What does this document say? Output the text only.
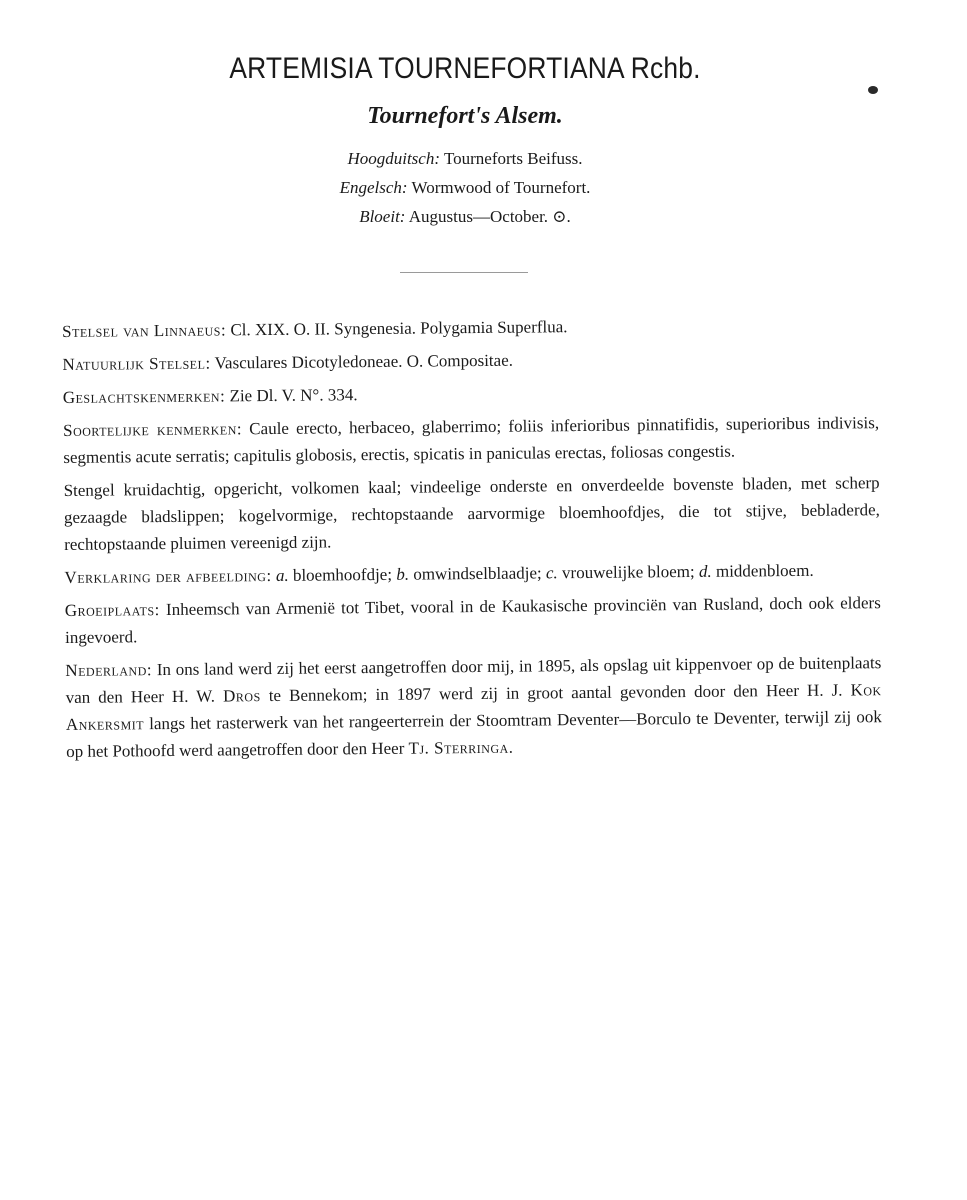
ARTEMISIA TOURNEFORTIANA Rchb.
Tournefort's Alsem.
Hoogduitsch: Tourneforts Beifuss.
Engelsch: Wormwood of Tournefort.
Bloeit: Augustus—October. ⊙.

Stelsel van Linnaeus: Cl. XIX. O. II. Syngenesia. Polygamia Superflua.

Natuurlijk Stelsel: Vasculares Dicotyledoneae. O. Compositae.

Geslachtskenmerken: Zie Dl. V. N°. 334.

Soortelijke kenmerken: Caule erecto, herbaceo, glaberrimo; foliis inferioribus pinnatifidis, superioribus indivisis, segmentis acute serratis; capitulis globosis, erectis, spicatis in paniculas erectas, foliosas congestis.

Stengel kruidachtig, opgericht, volkomen kaal; vindeelige onderste en onverdeelde bovenste bladen, met scherp gezaagde bladslippen; kogelvormige, rechtopstaande aarvormige bloemhoofdjes, die tot stijve, bebladerde, rechtopstaande pluimen vereenigd zijn.

Verklaring der afbeelding: a. bloemhoofdje; b. omwindselblaadje; c. vrouwelijke bloem; d. middenbloem.

Groeiplaats: Inheemsch van Armenië tot Tibet, vooral in de Kaukasische provinciën van Rusland, doch ook elders ingevoerd.

Nederland: In ons land werd zij het eerst aangetroffen door mij, in 1895, als opslag uit kippenvoer op de buitenplaats van den Heer H. W. Dros te Bennekom; in 1897 werd zij in groot aantal gevonden door den Heer H. J. Kok Ankersmit langs het rasterwerk van het rangeerterrein der Stoomtram Deventer—Borculo te Deventer, terwijl zij ook op het Pothoofd werd aangetroffen door den Heer Tj. Sterringa.
